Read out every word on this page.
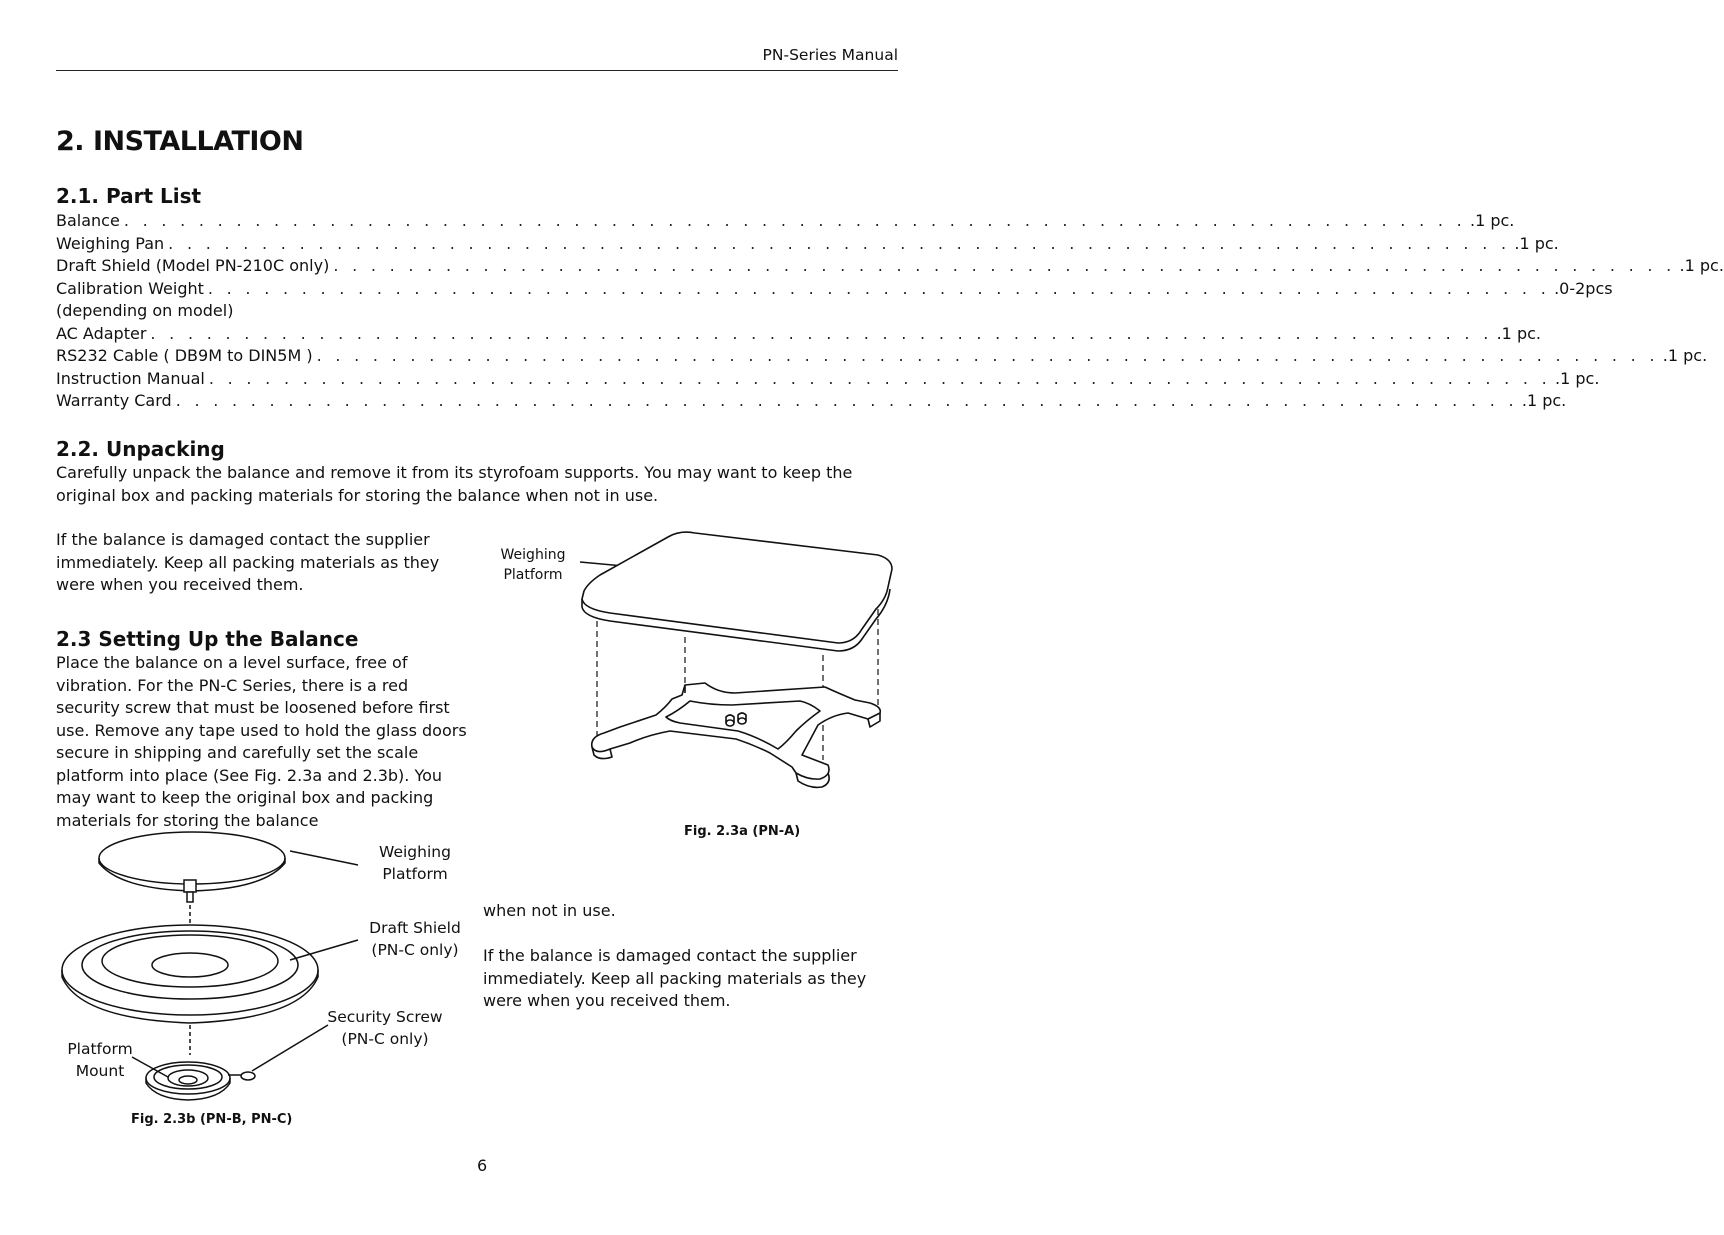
PN-Series Manual
2. INSTALLATION
2.1. Part List
Balance . . . . . . . . . . . . . . . . . . . . . . . . . . . . . . . . . . . . . . . . . . . . . . . . . . . . . . . . . . . . . . . . . . . . . . . . .1 pc.
Weighing Pan . . . . . . . . . . . . . . . . . . . . . . . . . . . . . . . . . . . . . . . . . . . . . . . . . . . . . . . . . . . . . . . . . . . . . . . . .1 pc.
Draft Shield (Model PN-210C only) . . . . . . . . . . . . . . . . . . . . . . . . . . . . . . . . . . . . . . . . . . . . . . . . . . . . . . . . . . . . . . . . . . . . . . . . .1 pc.
Calibration Weight . . . . . . . . . . . . . . . . . . . . . . . . . . . . . . . . . . . . . . . . . . . . . . . . . . . . . . . . . . . . . . . . . . . . . . . . .0-2pcs
(depending on model)
AC Adapter . . . . . . . . . . . . . . . . . . . . . . . . . . . . . . . . . . . . . . . . . . . . . . . . . . . . . . . . . . . . . . . . . . . . . . . . .1 pc.
RS232 Cable ( DB9M to DIN5M ) . . . . . . . . . . . . . . . . . . . . . . . . . . . . . . . . . . . . . . . . . . . . . . . . . . . . . . . . . . . . . . . . . . . . . . . . .1 pc.
Instruction Manual . . . . . . . . . . . . . . . . . . . . . . . . . . . . . . . . . . . . . . . . . . . . . . . . . . . . . . . . . . . . . . . . . . . . . . . . .1 pc.
Warranty Card . . . . . . . . . . . . . . . . . . . . . . . . . . . . . . . . . . . . . . . . . . . . . . . . . . . . . . . . . . . . . . . . . . . . . . . . .1 pc.
2.2. Unpacking
Carefully unpack the balance and remove it from its styrofoam supports. You may want to keep the original box and packing materials for storing the balance when not in use.
If the balance is damaged contact the supplier immediately. Keep all packing materials as they were when you received them.
2.3 Setting Up the Balance
Place the balance on a level surface, free of vibration. For the PN-C Series, there is a red security screw that must be loosened before first use. Remove any tape used to hold the glass doors secure in shipping and carefully set the scale platform into place (See Fig. 2.3a and 2.3b). You may want to keep the original box and packing materials for storing the balance
when not in use.
If the balance is damaged contact the supplier immediately. Keep all packing materials as they were when you received them.
Weighing
Platform
Fig. 2.3a (PN-A)
Weighing
Platform
Draft Shield
(PN-C only)
Security Screw
(PN-C only)
Platform
Mount
Fig. 2.3b (PN-B, PN-C)
6
